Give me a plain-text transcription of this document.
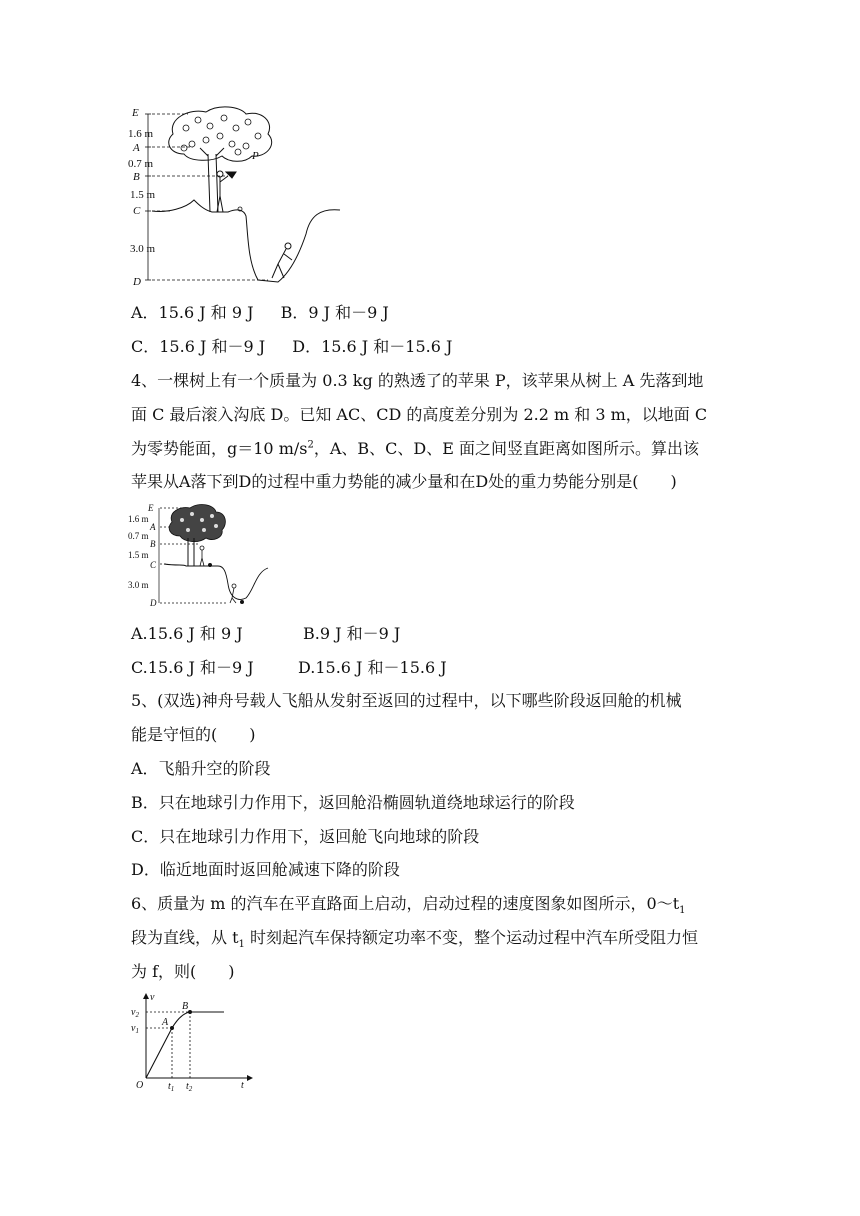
E
1.6 m
A
0.7 m
B
1.5 m
C
3.0 m
D
P
A．15.6 J 和 9 J B．9 J 和－9 J
C．15.6 J 和－9 J D．15.6 J 和－15.6 J
4、一棵树上有一个质量为 0.3 kg 的熟透了的苹果 P，该苹果从树上 A 先落到地
面 C 最后滚入沟底 D。已知 AC、CD 的高度差分别为 2.2 m 和 3 m，以地面 C
为零势能面，g＝10 $m/s^2$，A、B、C、D、E 面之间竖直距离如图所示。算出该
苹果从A落下到D的过程中重力势能的减少量和在D处的重力势能分别是(　　)
E
1.6 m
A
0.7 m
B
1.5 m
C
3.0 m
D
A.15.6 J 和 9 J	B.9 J 和－9 J
C.15.6 J 和－9 J	D.15.6 J 和－15.6 J
5、(双选)神舟号载人飞船从发射至返回的过程中，以下哪些阶段返回舱的机械
能是守恒的(　　)
A．飞船升空的阶段
B．只在地球引力作用下，返回舱沿椭圆轨道绕地球运行的阶段
C．只在地球引力作用下，返回舱飞向地球的阶段
D．临近地面时返回舱减速下降的阶段
6、质量为 m 的汽车在平直路面上启动，启动过程的速度图象如图所示，$0\sim t_1$
段为直线，从 $t_1$ 时刻起汽车保持额定功率不变，整个运动过程中汽车所受阻力恒
为 f，则(　　)
v
t
O
A
B
$v_2$
$v_1$
$t_1$ $t_2$
